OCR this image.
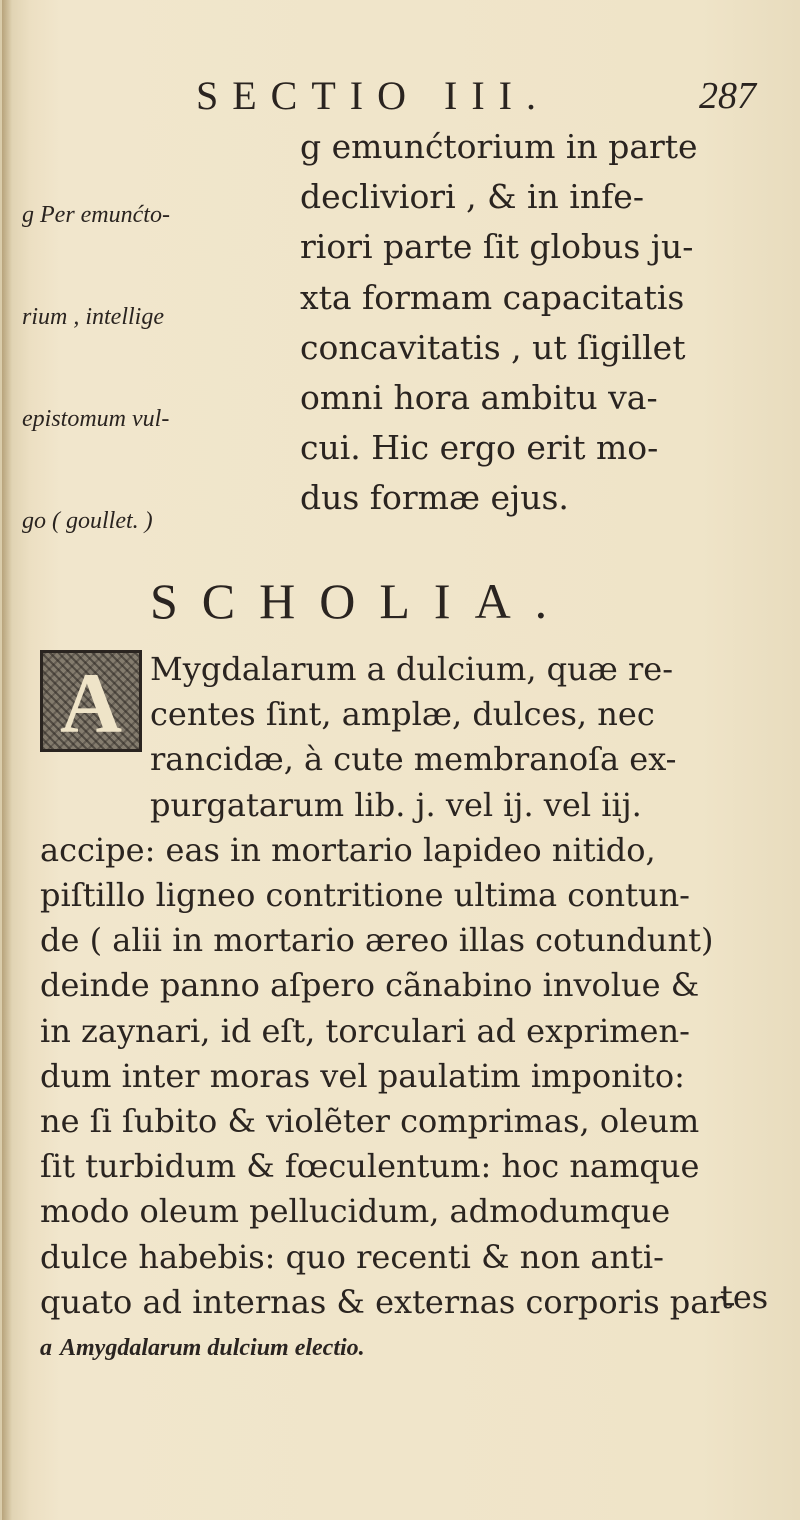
SECTIO III.	287

g Per emunćto-

rium , intellige

epistomum vul-

go ( goullet. )

g emunćtorium in parte
decliviori , & in infe-
riori parte ſit globus ju-
xta formam capacitatis
concavitatis , ut ſigillet
omni hora ambitu va-
cui. Hic ergo erit mo-
dus formæ ejus.
SCHOLIA.
A Mygdalarum a dulcium, quæ re-
centes ſint, amplæ, dulces, nec
rancidæ, à cute membranoſa ex-
purgatarum lib. j. vel ij. vel iij.
accipe: eas in mortario lapideo nitido,
piſtillo ligneo contritione ultima contun-
de ( alii in mortario æreo illas cotundunt)
deinde panno aſpero cãnabino involue &
in zaynari, id eſt, torculari ad exprimen-
dum inter moras vel paulatim imponito:
ne ſi ſubito & violẽter comprimas, oleum
ſit turbidum & fœculentum: hoc namque
modo oleum pellucidum, admodumque
dulce habebis: quo recenti & non anti-
quato ad internas & externas corporis par-
tes
a Amygdalarum dulcium electio.
